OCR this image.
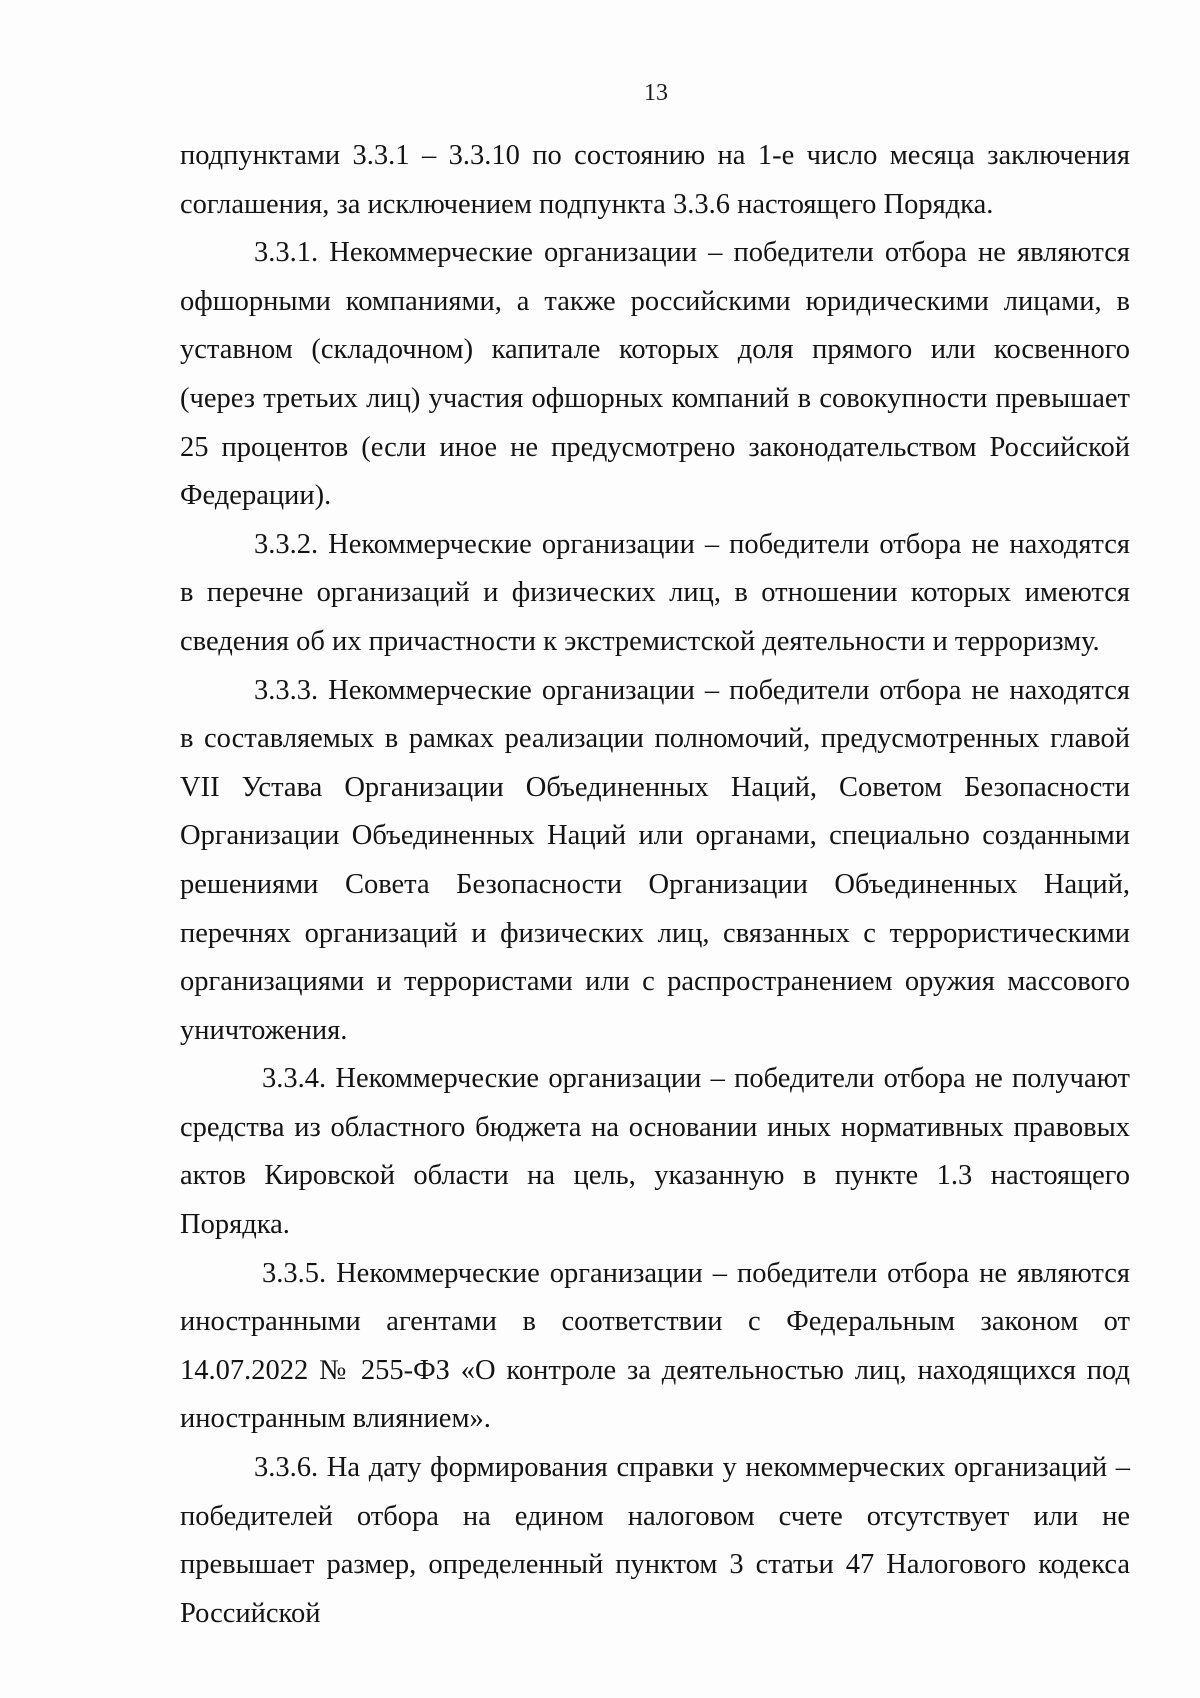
13

подпунктами 3.3.1 – 3.3.10 по состоянию на 1-е число месяца заключения соглашения, за исключением подпункта 3.3.6 настоящего Порядка.

3.3.1. Некоммерческие организации – победители отбора не являются офшорными компаниями, а также российскими юридическими лицами, в уставном (складочном) капитале которых доля прямого или косвенного (через третьих лиц) участия офшорных компаний в совокупности превышает 25 процентов (если иное не предусмотрено законодательством Российской Федерации).

3.3.2. Некоммерческие организации – победители отбора не находятся в перечне организаций и физических лиц, в отношении которых имеются сведения об их причастности к экстремистской деятельности и терроризму.

3.3.3. Некоммерческие организации – победители отбора не находятся в составляемых в рамках реализации полномочий, предусмотренных главой VII Устава Организации Объединенных Наций, Советом Безопасности Организации Объединенных Наций или органами, специально созданными решениями Совета Безопасности Организации Объединенных Наций, перечнях организаций и физических лиц, связанных с террористическими организациями и террористами или с распространением оружия массового уничтожения.

3.3.4. Некоммерческие организации – победители отбора не получают средства из областного бюджета на основании иных нормативных правовых актов Кировской области на цель, указанную в пункте 1.3 настоящего Порядка.

3.3.5. Некоммерческие организации – победители отбора не являются иностранными агентами в соответствии с Федеральным законом от 14.07.2022 № 255-ФЗ «О контроле за деятельностью лиц, находящихся под иностранным влиянием».

3.3.6. На дату формирования справки у некоммерческих организаций – победителей отбора на едином налоговом счете отсутствует или не превышает размер, определенный пунктом 3 статьи 47 Налогового кодекса Российской
